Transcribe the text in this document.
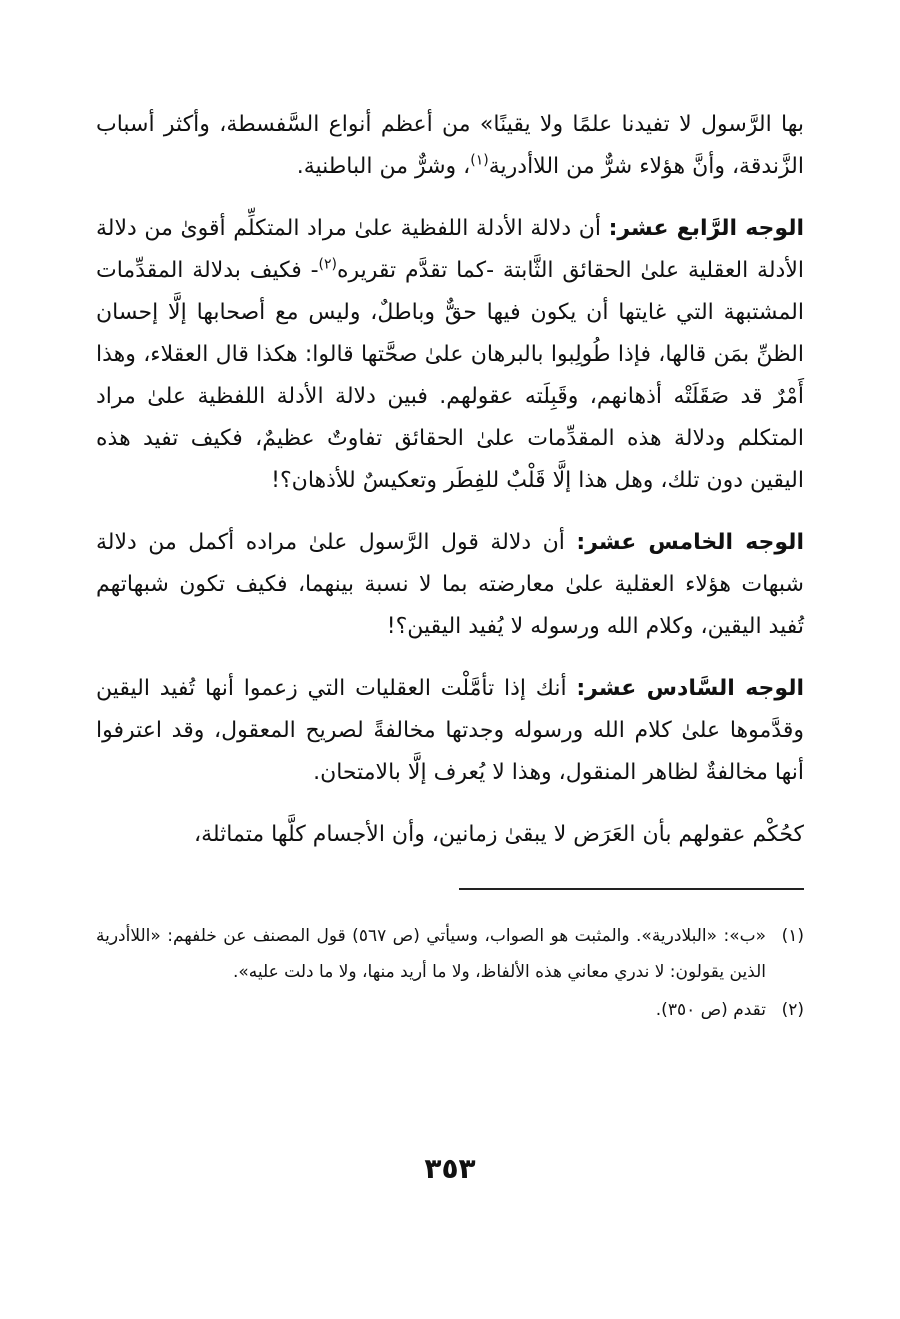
بها الرَّسول لا تفيدنا علمًا ولا يقينًا» من أعظم أنواع السَّفسطة، وأكثر أسباب الزَّندقة، وأنَّ هؤلاء شرٌّ من اللاأدرية$^{(١)}$، وشرٌّ من الباطنية.

الوجه الرَّابع عشر: أن دلالة الأدلة اللفظية علىٰ مراد المتكلِّم أقوىٰ من دلالة الأدلة العقلية علىٰ الحقائق الثَّابتة -كما تقدَّم تقريره$^{(٢)}$- فكيف بدلالة المقدِّمات المشتبهة التي غايتها أن يكون فيها حقٌّ وباطلٌ، وليس مع أصحابها إلَّا إحسان الظنِّ بمَن قالها، فإذا طُولِبوا بالبرهان علىٰ صحَّتها قالوا: هكذا قال العقلاء، وهذا أَمْرٌ قد صَقَلَتْه أذهانهم، وقَبِلَته عقولهم. فبين دلالة الأدلة اللفظية علىٰ مراد المتكلم ودلالة هذه المقدِّمات علىٰ الحقائق تفاوتٌ عظيمٌ، فكيف تفيد هذه اليقين دون تلك، وهل هذا إلَّا قَلْبٌ للفِطَر وتعكيسٌ للأذهان؟!

الوجه الخامس عشر: أن دلالة قول الرَّسول علىٰ مراده أكمل من دلالة شبهات هؤلاء العقلية علىٰ معارضته بما لا نسبة بينهما، فكيف تكون شبهاتهم تُفيد اليقين، وكلام الله ورسوله لا يُفيد اليقين؟!

الوجه السَّادس عشر: أنك إذا تأمَّلْت العقليات التي زعموا أنها تُفيد اليقين وقدَّموها علىٰ كلام الله ورسوله وجدتها مخالفةً لصريح المعقول، وقد اعترفوا أنها مخالفةٌ لظاهر المنقول، وهذا لا يُعرف إلَّا بالامتحان.

كحُكْم عقولهم بأن العَرَض لا يبقىٰ زمانين، وأن الأجسام كلَّها متماثلة،

(١)
«ب»: «البلادرية». والمثبت هو الصواب، وسيأتي (ص ٥٦٧) قول المصنف عن خلفهم: «اللاأدرية الذين يقولون: لا ندري معاني هذه الألفاظ، ولا ما أريد منها، ولا ما دلت عليه».
(٢)
تقدم (ص ٣٥٠).
٣٥٣
